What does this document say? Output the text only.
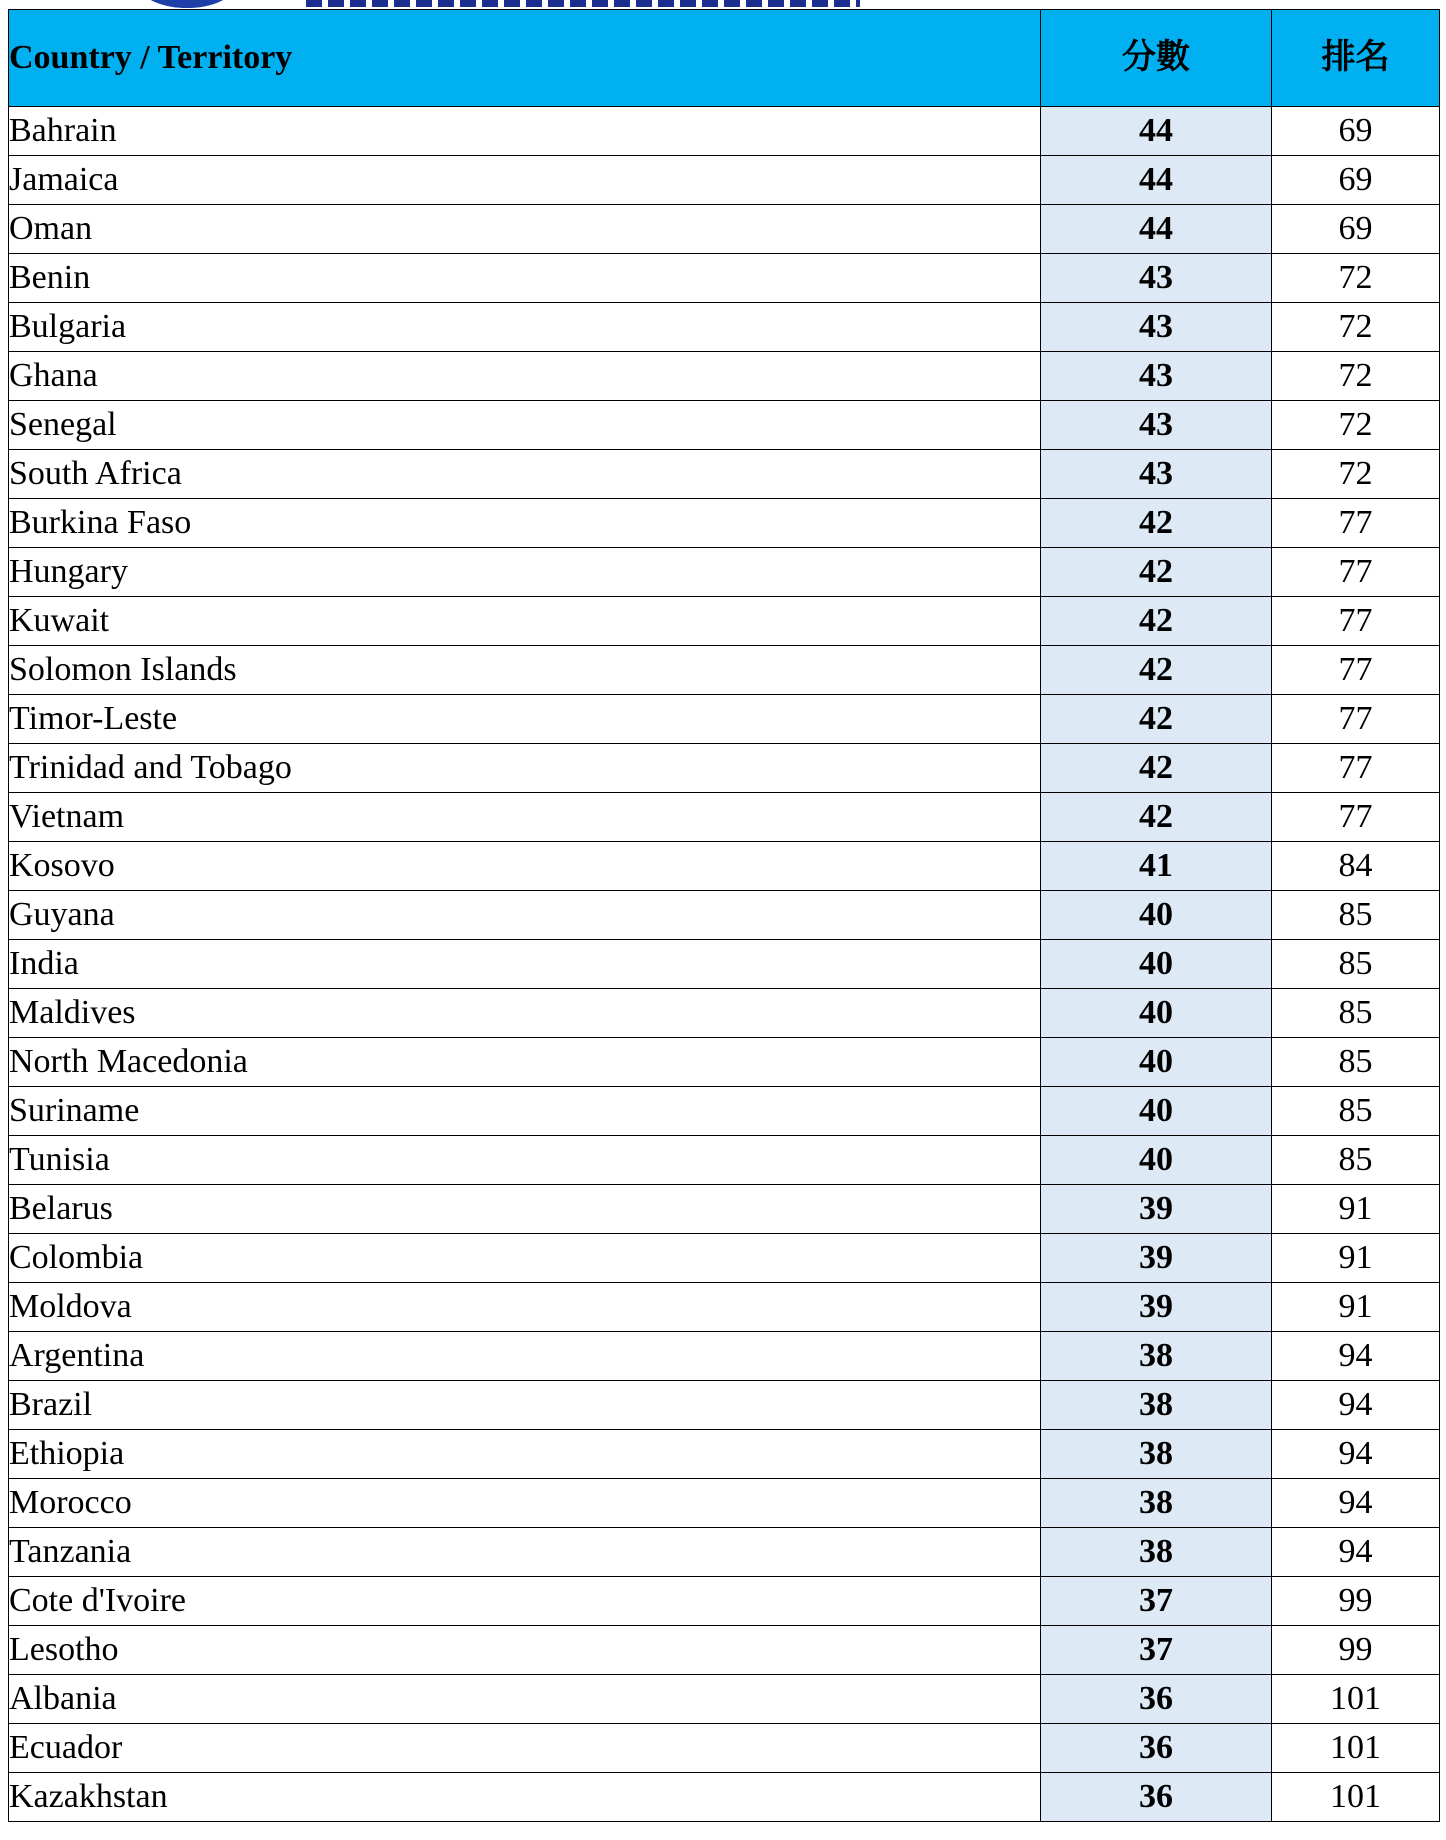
Country / Territory	分數	排名
Bahrain	44	69
Jamaica	44	69
Oman	44	69
Benin	43	72
Bulgaria	43	72
Ghana	43	72
Senegal	43	72
South Africa	43	72
Burkina Faso	42	77
Hungary	42	77
Kuwait	42	77
Solomon Islands	42	77
Timor-Leste	42	77
Trinidad and Tobago	42	77
Vietnam	42	77
Kosovo	41	84
Guyana	40	85
India	40	85
Maldives	40	85
North Macedonia	40	85
Suriname	40	85
Tunisia	40	85
Belarus	39	91
Colombia	39	91
Moldova	39	91
Argentina	38	94
Brazil	38	94
Ethiopia	38	94
Morocco	38	94
Tanzania	38	94
Cote d'Ivoire	37	99
Lesotho	37	99
Albania	36	101
Ecuador	36	101
Kazakhstan	36	101
